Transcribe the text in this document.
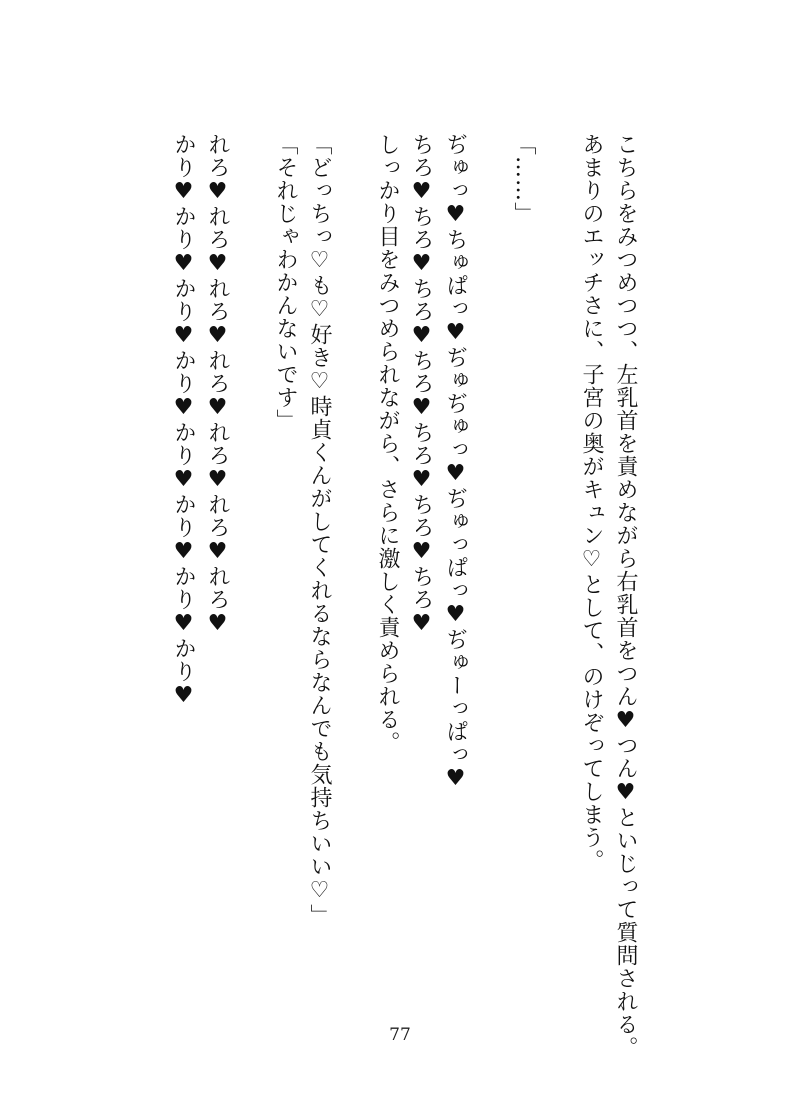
こちらをみつめつつ、左乳首を責めながら右乳首をつん♥つん♥といじって質問される。
あまりのエッチさに、子宮の奥がキュン♡として、のけぞってしまう。
「……」
ぢゅっ♥ちゅぱっ♥ぢゅぢゅっ♥ぢゅっぱっ♥ぢゅーっぱっ♥
ちろ♥ちろ♥ちろ♥ちろ♥ちろ♥ちろ♥ちろ♥
しっかり目をみつめられながら、さらに激しく責められる。
「どっちっ♡も♡好き♡時貞くんがしてくれるならなんでも気持ちいい♡」
「それじゃわかんないです」
れろ♥れろ♥れろ♥れろ♥れろ♥れろ♥れろ♥
かり♥かり♥かり♥かり♥かり♥かり♥かり♥かり♥
77
